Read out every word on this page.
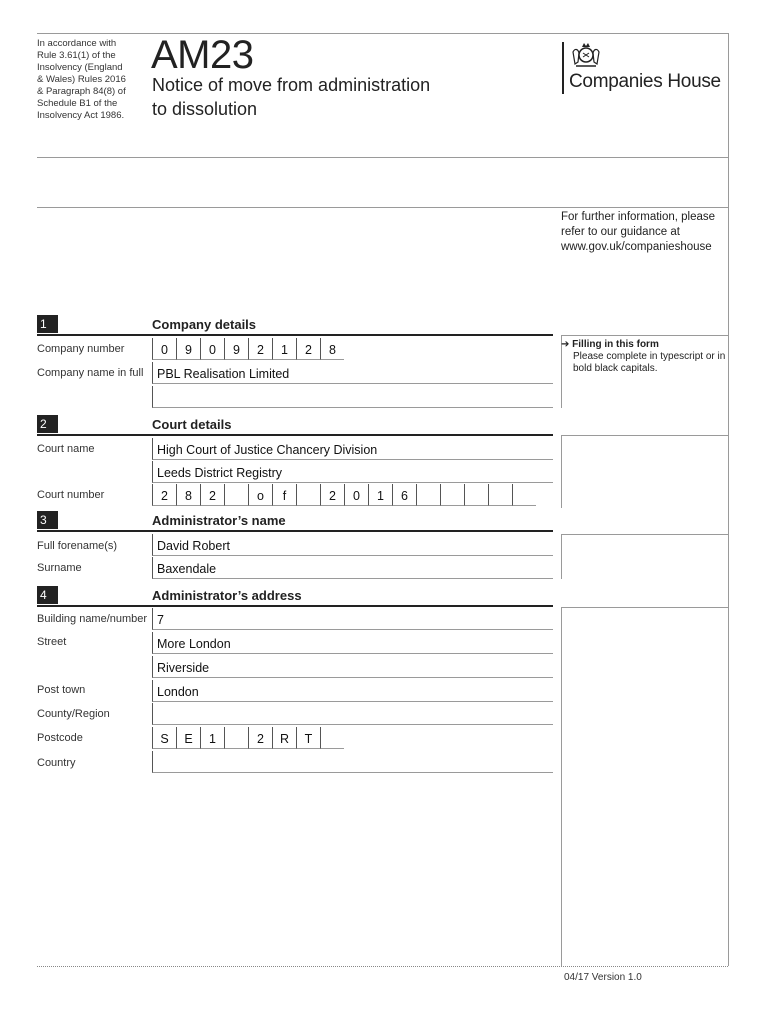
In accordance with
Rule 3.61(1) of the
Insolvency (England
& Wales) Rules 2016
& Paragraph 84(8) of
Schedule B1 of the
Insolvency Act 1986.
AM23
Notice of move from administration
to dissolution
Companies House
For further information, please
refer to our guidance at
www.gov.uk/companieshouse
1	Company details
Company number	0	9	0	9	2	1	2	8
Company name in full	PBL Realisation Limited
➔ Filling in this form
Please complete in typescript or in
bold black capitals.
2	Court details
Court name	High Court of Justice Chancery Division
Leeds District Registry
Court number	2	8	2	o	f	2	0	1	6
3	Administrator’s name
Full forename(s)	David Robert
Surname	Baxendale
4	Administrator’s address
Building name/number 7
Street	More London
Riverside
Post town	London
County/Region
Postcode	S	E	1	2	R	T
Country
04/17 Version 1.0
